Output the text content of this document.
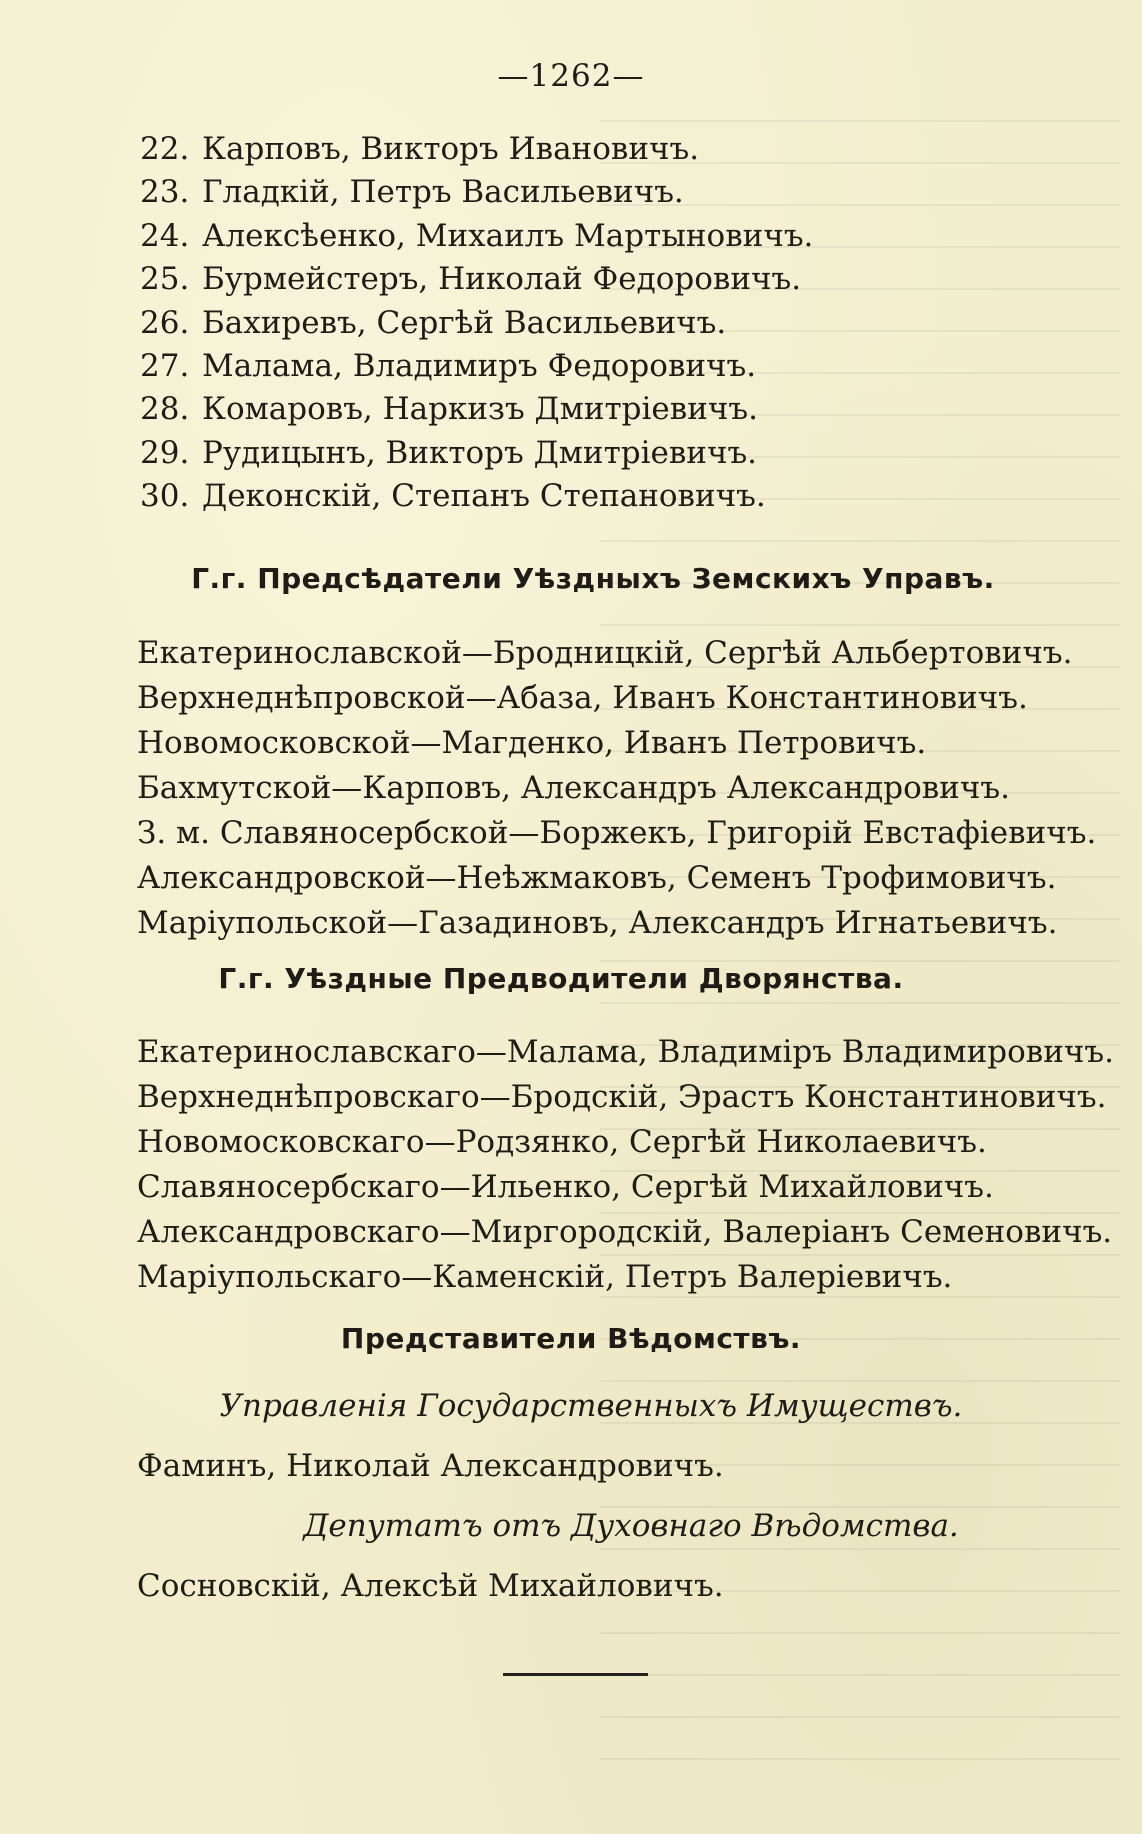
—1262—
22. Карповъ, Викторъ Ивановичъ.
23. Гладкiй, Петръ Васильевичъ.
24. Алексѣенко, Михаилъ Мартыновичъ.
25. Бурмейстеръ, Николай Федоровичъ.
26. Бахиревъ, Сергѣй Васильевичъ.
27. Малама, Владимиръ Федоровичъ.
28. Комаровъ, Наркизъ Дмитрiевичъ.
29. Рудицынъ, Викторъ Дмитрiевичъ.
30. Деконскiй, Степанъ Степановичъ.
Г.г. Предсѣдатели Уѣздныхъ Земскихъ Управъ.
Екатеринославской—Бродницкiй, Сергѣй Альбертовичъ.
Верхнеднѣпровской—Абаза, Иванъ Константиновичъ.
Новомосковской—Магденко, Иванъ Петровичъ.
Бахмутской—Карповъ, Александръ Александровичъ.
З. м. Славяносербской—Боржекъ, Григорiй Евстафiевичъ.
Александровской—Неѣжмаковъ, Семенъ Трофимовичъ.
Марiупольской—Газадиновъ, Александръ Игнатьевичъ.
Г.г. Уѣздные Предводители Дворянства.
Екатеринославскаго—Малама, Владимiръ Владимировичъ.
Верхнеднѣпровскаго—Бродскiй, Эрастъ Константиновичъ.
Новомосковскаго—Родзянко, Сергѣй Николаевичъ.
Славяносербскаго—Ильенко, Сергѣй Михайловичъ.
Александровскаго—Миргородскiй, Валерiанъ Семеновичъ.
Марiупольскаго—Каменскiй, Петръ Валерiевичъ.
Представители Вѣдомствъ.
Управленiя Государственныхъ Имуществъ.
Фаминъ, Николай Александровичъ.
Депутатъ отъ Духовнаго Вѣдомства.
Сосновскiй, Алексѣй Михайловичъ.
